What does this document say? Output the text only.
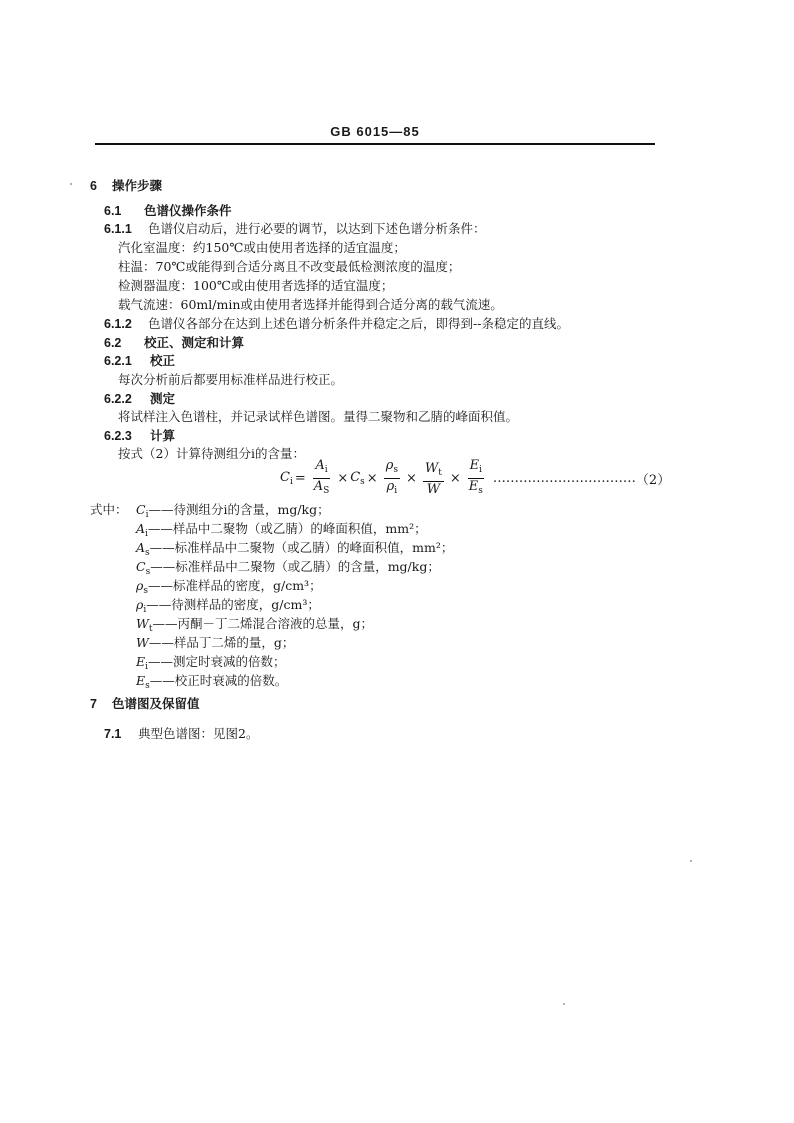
GB 6015—85
6 操作步骤
6.1 色谱仪操作条件
6.1.1 色谱仪启动后，进行必要的调节，以达到下述色谱分析条件：
汽化室温度：约150℃或由使用者选择的适宜温度；
柱温：70℃或能得到合适分离且不改变最低检测浓度的温度；
检测器温度：100℃或由使用者选择的适宜温度；
载气流速：60ml/min或由使用者选择并能得到合适分离的载气流速。
6.1.2 色谱仪各部分在达到上述色谱分析条件并稳定之后，即得到--条稳定的直线。
6.2 校正、测定和计算
6.2.1 校正
每次分析前后都要用标准样品进行校正。
6.2.2 测定
将试样注入色谱柱，并记录试样色谱图。量得二聚物和乙腈的峰面积值。
6.2.3 计算
按式（2）计算待测组分i的含量：
$C_i = \frac{A_i}{A_S} \times C_s \times \frac{\rho_s}{\rho_i} \times \frac{W_t}{W} \times \frac{E_i}{E_s}$ …………………………… （2）
式中： $C_i——$待测组分i的含量，mg/kg；
$A_i——$样品中二聚物（或乙腈）的峰面积值，mm²；
$A_s——$标准样品中二聚物（或乙腈）的峰面积值，mm²；
$C_s——$标准样品中二聚物（或乙腈）的含量，mg/kg；
$\rho_s——$标准样品的密度，g/cm³；
$\rho_i——$待测样品的密度，g/cm³；
$W_t——$丙酮－丁二烯混合溶液的总量，g；
W——样品丁二烯的量，g；
$E_i——$测定时衰减的倍数；
$E_s——$校正时衰减的倍数。
7 色谱图及保留值
7.1 典型色谱图：见图2。
